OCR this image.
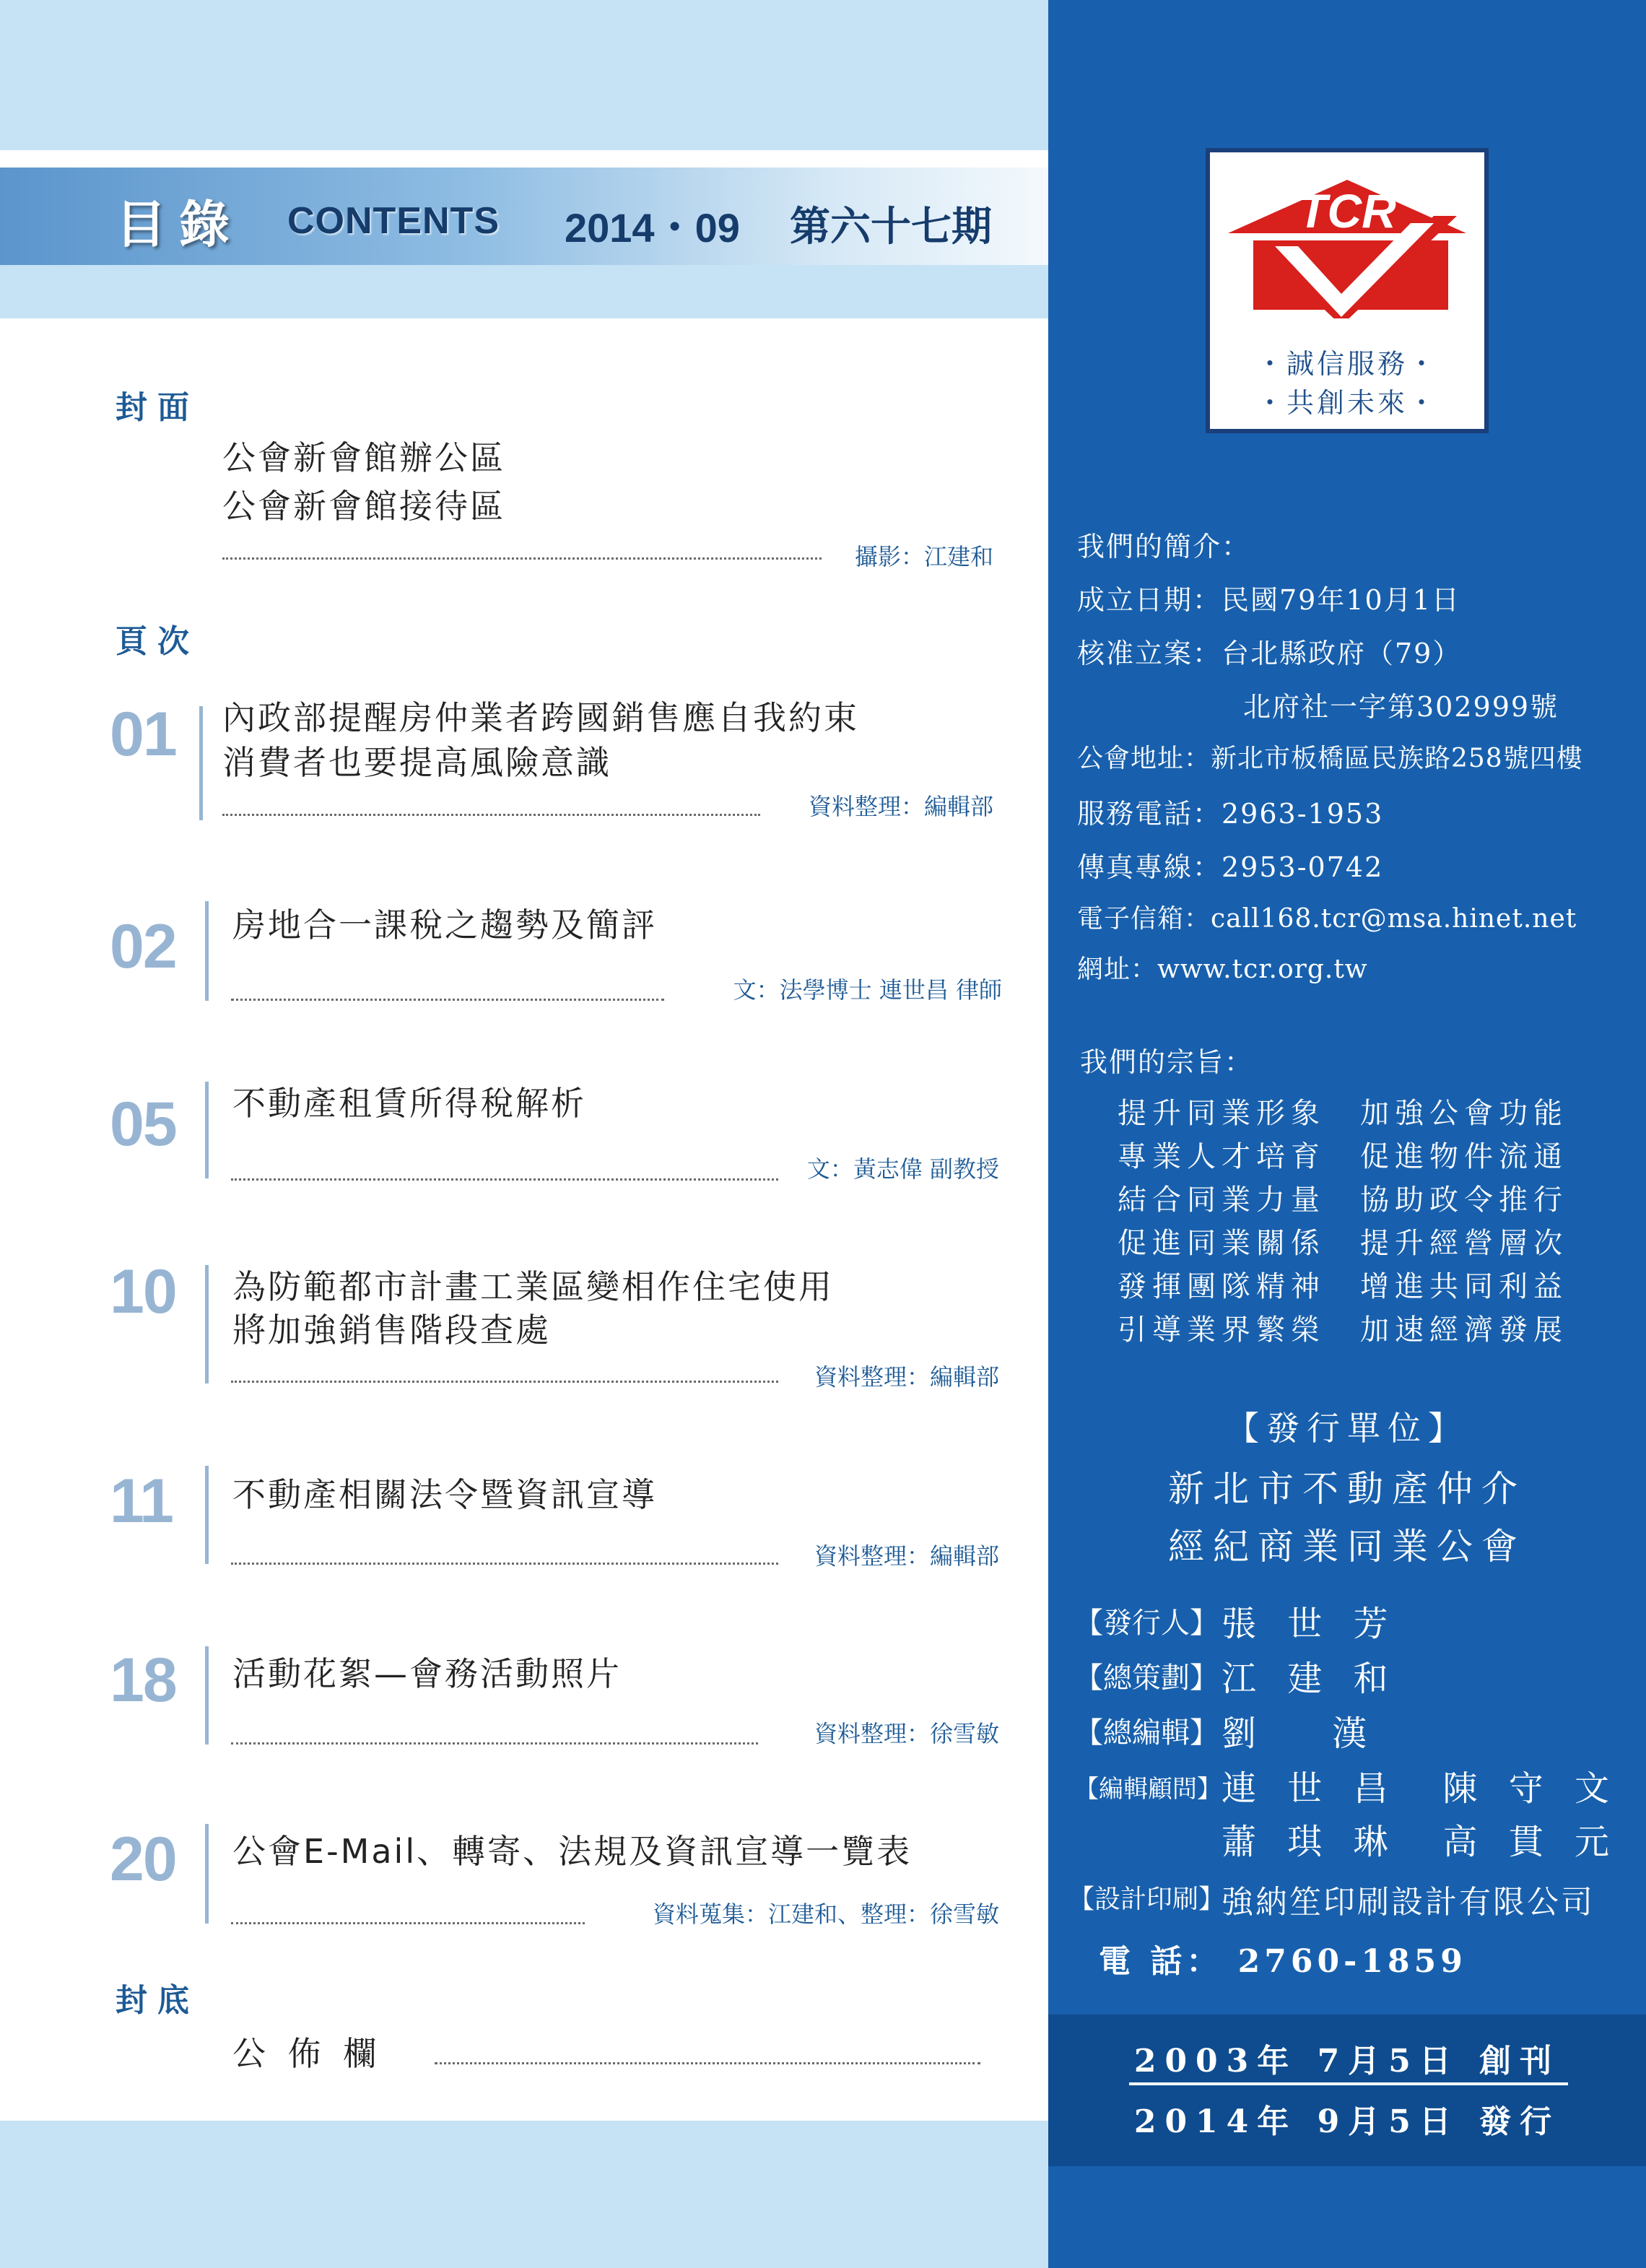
目錄 CONTENTS 2014・09 第六十七期
封面
公會新會館辦公區
公會新會館接待區
攝影：江建和
頁次
01 內政部提醒房仲業者跨國銷售應自我約束
消費者也要提高風險意識
資料整理：編輯部
02 房地合一課稅之趨勢及簡評
文：法學博士 連世昌 律師
05 不動產租賃所得稅解析
文：黃志偉 副教授
10 為防範都市計畫工業區變相作住宅使用
將加強銷售階段查處
資料整理：編輯部
11 不動產相關法令暨資訊宣導
資料整理：編輯部
18 活動花絮—會務活動照片
資料整理：徐雪敏
20 公會E-Mail、轉寄、法規及資訊宣導一覽表
資料蒐集：江建和、整理：徐雪敏
封底
公 佈 欄
TCR
・誠信服務・
・共創未來・
我們的簡介：
成立日期：民國79年10月1日
核准立案：台北縣政府（79）
北府社一字第302999號
公會地址：新北市板橋區民族路258號四樓
服務電話：2963-1953
傳真專線：2953-0742
電子信箱：call168.tcr@msa.hinet.net
網址：www.tcr.org.tw
我們的宗旨：
提升同業形象　加強公會功能
專業人才培育　促進物件流通
結合同業力量　協助政令推行
促進同業關係　提升經營層次
發揮團隊精神　增進共同利益
引導業界繁榮　加速經濟發展
【發行單位】
新北市不動產仲介
經紀商業同業公會
【發行人】 張 世 芳
【總策劃】 江 建 和
【總編輯】 劉　 漢
【編輯顧問】 連 世 昌　陳 守 文
蕭 琪 琳　高 貫 元
【設計印刷】
強納笙印刷設計有限公司
電 話： 2760-1859
2003年 7月5日 創刊
2014年 9月5日 發行
